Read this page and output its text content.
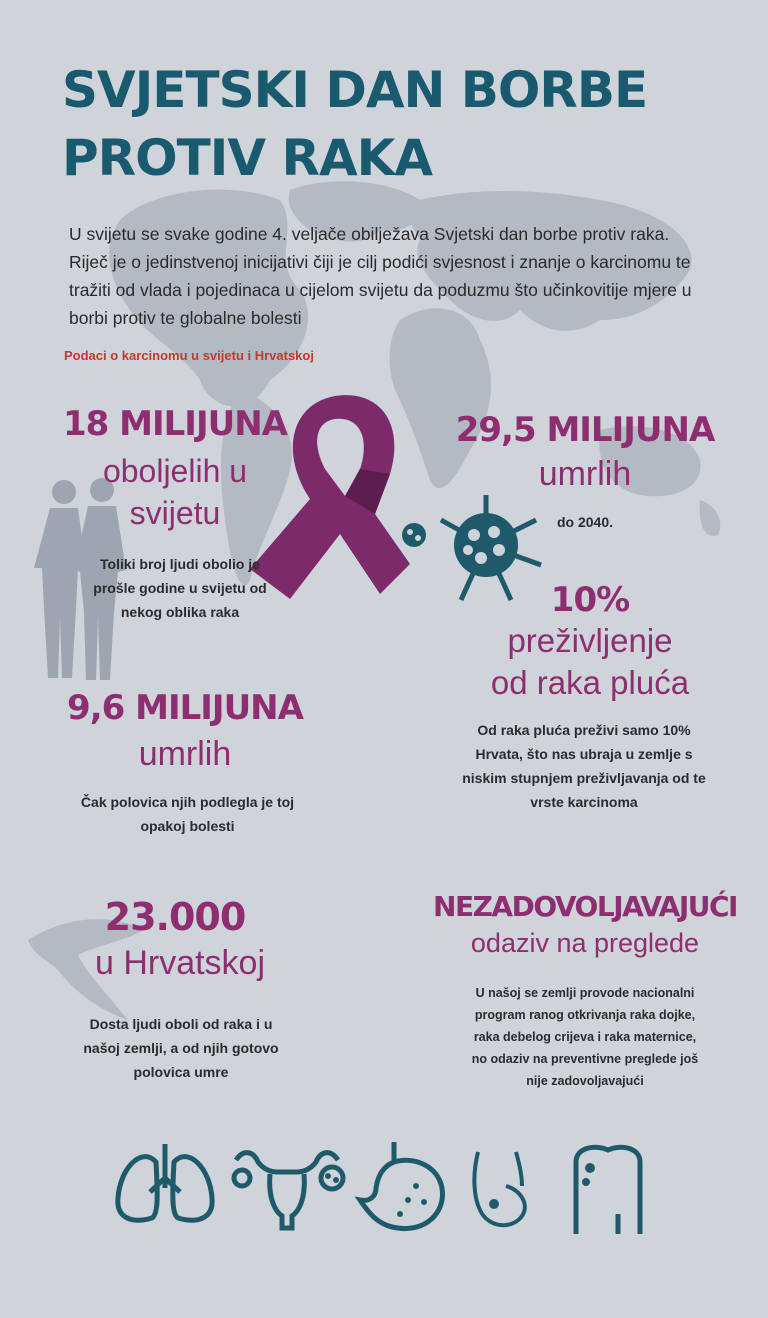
SVJETSKI DAN BORBE PROTIV RAKA

U svijetu se svake godine 4. veljače obilježava Svjetski dan borbe protiv raka. Riječ je o jedinstvenoj inicijativi čiji je cilj podići svjesnost i znanje o karcinomu te tražiti od vlada i pojedinaca u cijelom svijetu da poduzmu što učinkovitije mjere u borbi protiv te globalne bolesti

Podaci o karcinomu u svijetu i Hrvatskoj
18 MILIJUNA
oboljelih u svijetu
Toliki broj ljudi obolio je prošle godine u svijetu od nekog oblika raka
29,5 MILIJUNA
umrlih
do 2040.
10%
preživljenje od raka pluća
Od raka pluća preživi samo 10% Hrvata, što nas ubraja u zemlje s niskim stupnjem preživljavanja od te vrste karcinoma
9,6 MILIJUNA
umrlih
Čak polovica njih podlegla je toj opakoj bolesti
23.000
u Hrvatskoj
Dosta ljudi oboli od raka i u našoj zemlji, a od njih gotovo polovica umre
NEZADOVOLJAVAJUĆI
odaziv na preglede
U našoj se zemlji provode nacionalni program ranog otkrivanja raka dojke, raka debelog crijeva i raka maternice, no odaziv na preventivne preglede još nije zadovoljavajući
